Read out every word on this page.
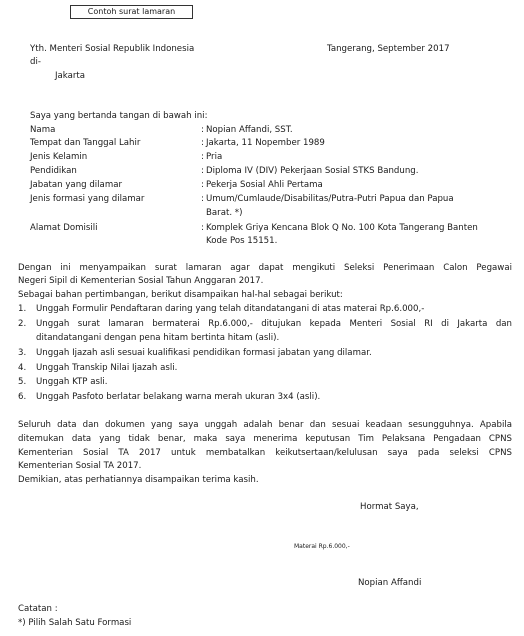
Contoh surat lamaran
Yth. Menteri Sosial Republik Indonesia
di-
Jakarta
Tangerang, September 2017
Saya yang bertanda tangan di bawah ini:
Nama	: Nopian Affandi, SST.
Tempat dan Tanggal Lahir	: Jakarta, 11 Nopember 1989
Jenis Kelamin	: Pria
Pendidikan	: Diploma IV (DIV) Pekerjaan Sosial STKS Bandung.
Jabatan yang dilamar	: Pekerja Sosial Ahli Pertama
Jenis formasi yang dilamar	: Umum/Cumlaude/Disabilitas/Putra-Putri Papua dan Papua
Barat. *)
Alamat Domisili	: Komplek Griya Kencana Blok Q No. 100 Kota Tangerang Banten
Kode Pos 15151.
Dengan ini menyampaikan surat lamaran agar dapat mengikuti Seleksi Penerimaan Calon Pegawai
Negeri Sipil di Kementerian Sosial Tahun Anggaran 2017.
Sebagai bahan pertimbangan, berikut disampaikan hal-hal sebagai berikut:
1. Unggah Formulir Pendaftaran daring yang telah ditandatangani di atas materai Rp.6.000,-
2. Unggah surat lamaran bermaterai Rp.6.000,- ditujukan kepada Menteri Sosial RI di Jakarta dan
ditandatangani dengan pena hitam bertinta hitam (asli).
3. Unggah Ijazah asli sesuai kualifikasi pendidikan formasi jabatan yang dilamar.
4. Unggah Transkip Nilai Ijazah asli.
5. Unggah KTP asli.
6. Unggah Pasfoto berlatar belakang warna merah ukuran 3x4 (asli).
Seluruh data dan dokumen yang saya unggah adalah benar dan sesuai keadaan sesungguhnya. Apabila
ditemukan data yang tidak benar, maka saya menerima keputusan Tim Pelaksana Pengadaan CPNS
Kementerian Sosial TA 2017 untuk membatalkan keikutsertaan/kelulusan saya pada seleksi CPNS
Kementerian Sosial TA 2017.
Demikian, atas perhatiannya disampaikan terima kasih.
Hormat Saya,
Materai Rp.6.000,-
Nopian Affandi
Catatan :
*) Pilih Salah Satu Formasi
